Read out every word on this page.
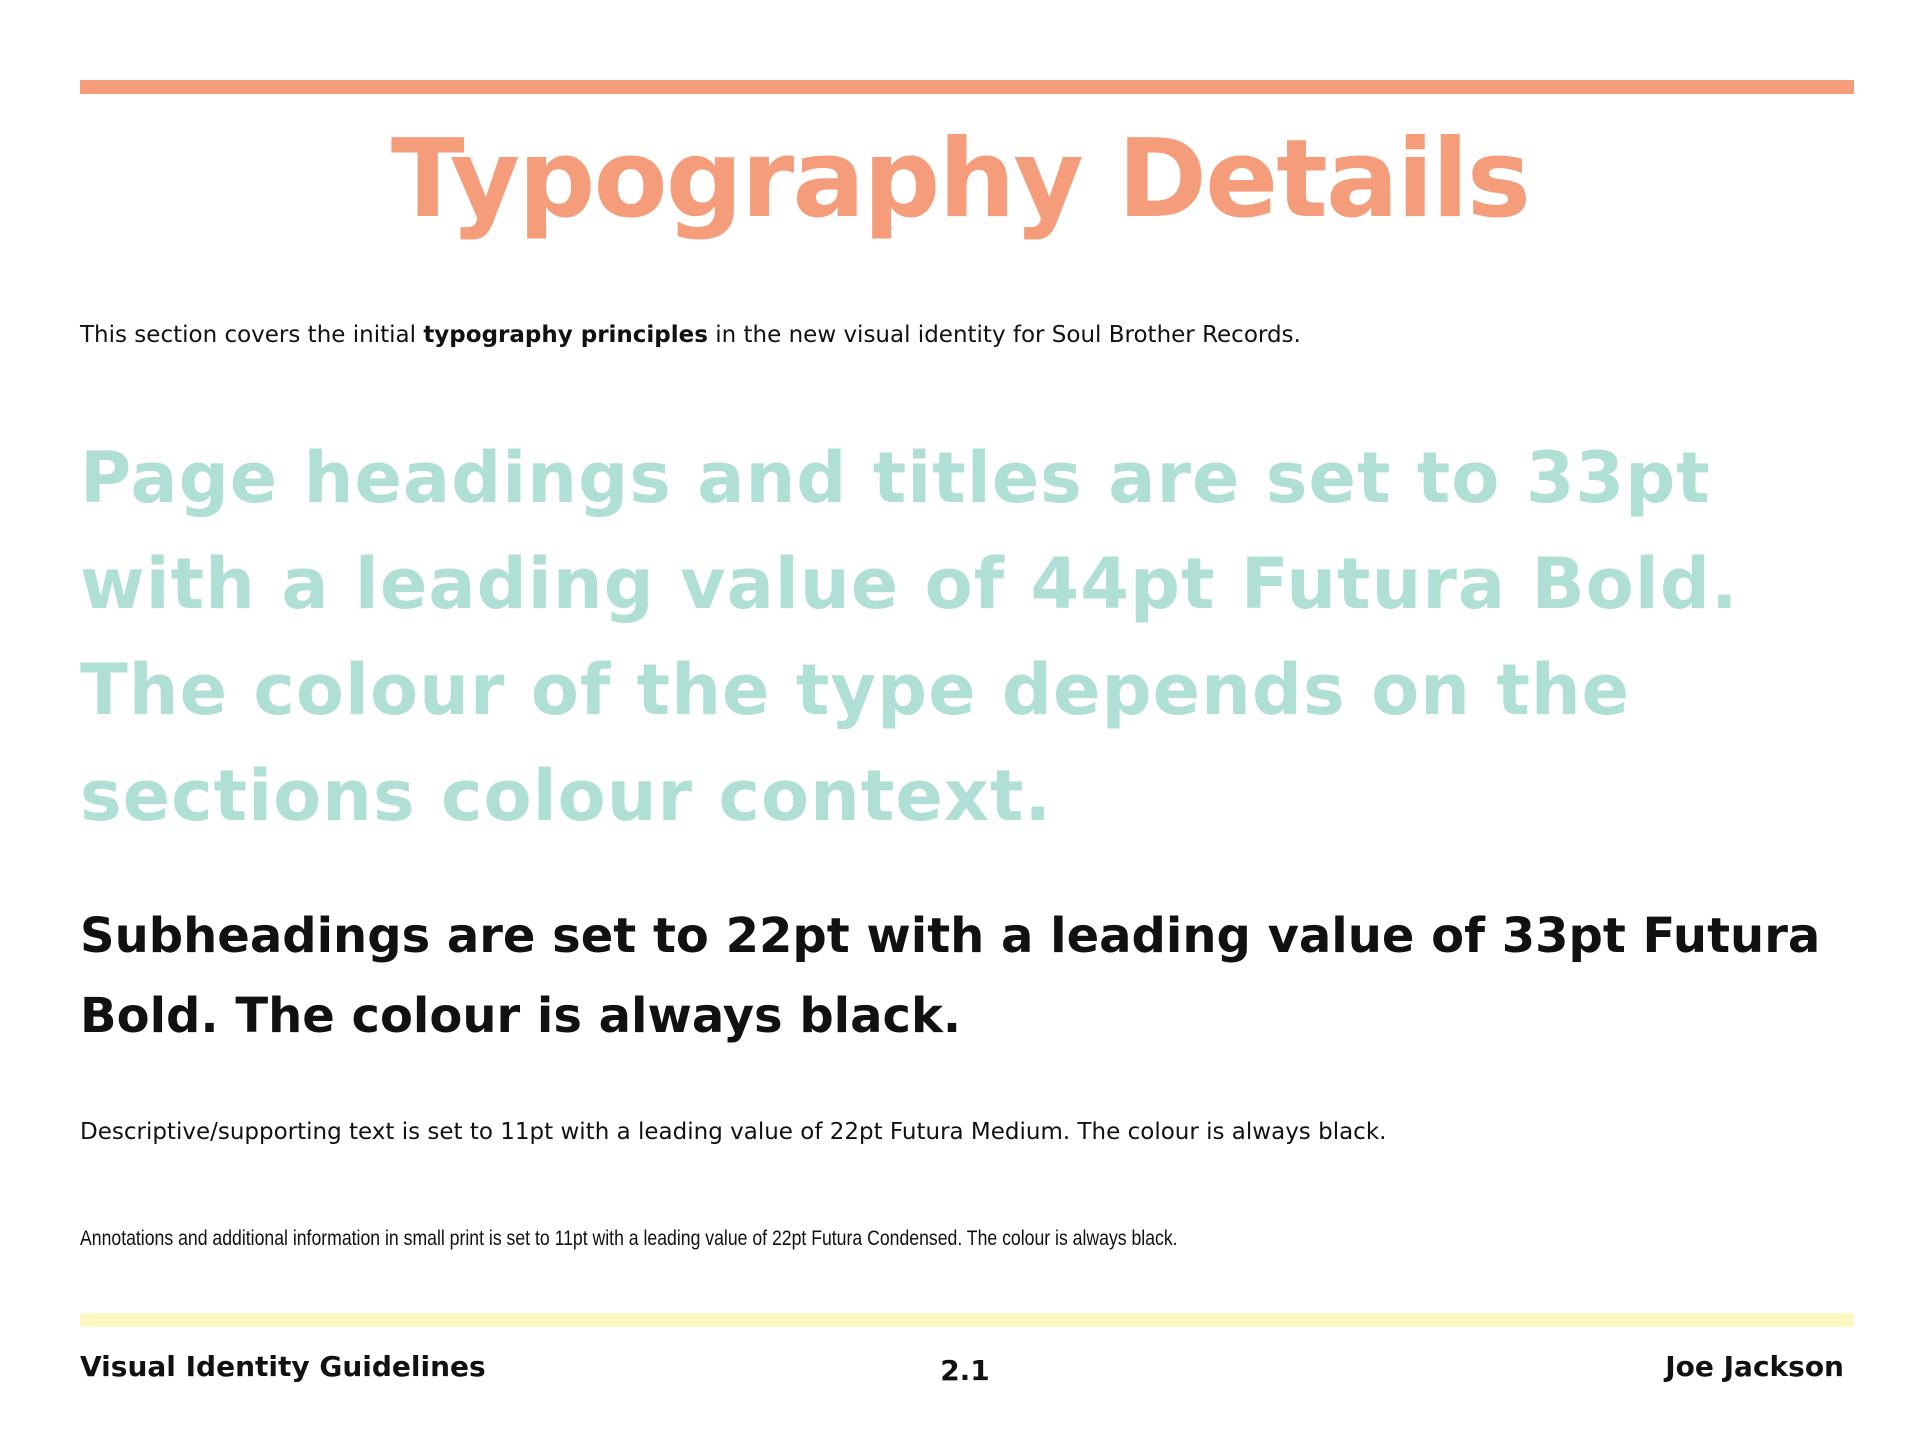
Typography Details

This section covers the initial typography principles in the new visual identity for Soul Brother Records.

Page headings and titles are set to 33pt with a leading value of 44pt Futura Bold. The colour of the type depends on the sections colour context.

Subheadings are set to 22pt with a leading value of 33pt Futura Bold. The colour is always black.

Descriptive/supporting text is set to 11pt with a leading value of 22pt Futura Medium. The colour is always black.

Annotations and additional information in small print is set to 11pt with a leading value of 22pt Futura Condensed. The colour is always black.

Visual Identity Guidelines	2.1	Joe Jackson
